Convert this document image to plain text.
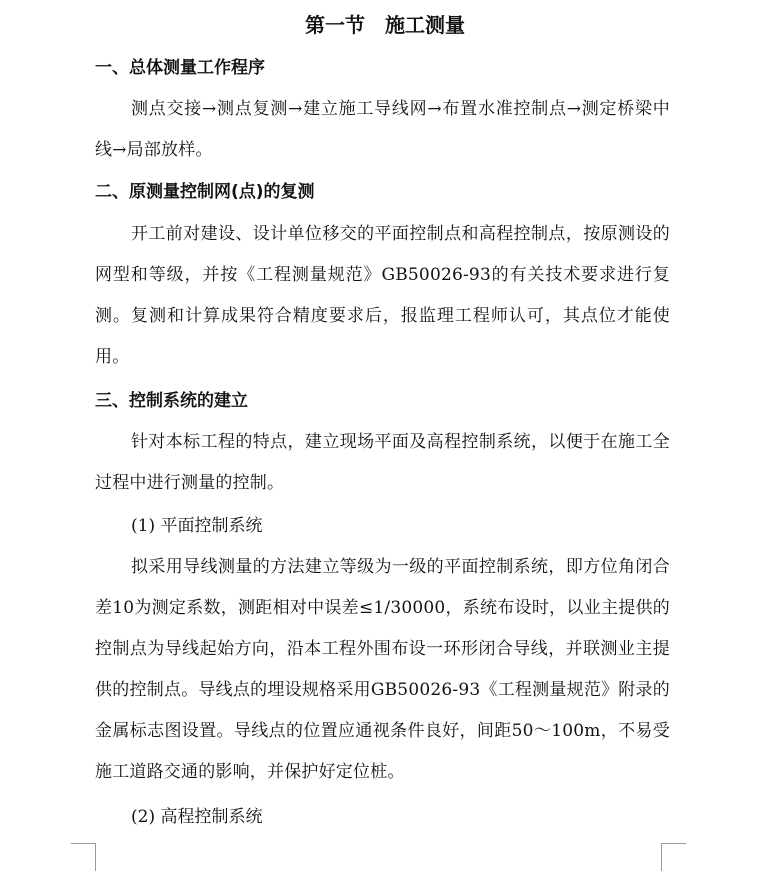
第一节　施工测量
一、总体测量工作程序

测点交接→测点复测→建立施工导线网→布置水准控制点→测定桥梁中线→局部放样。

二、原测量控制网(点)的复测

开工前对建设、设计单位移交的平面控制点和高程控制点，按原测设的网型和等级，并按《工程测量规范》GB50026-93的有关技术要求进行复测。复测和计算成果符合精度要求后，报监理工程师认可，其点位才能使用。

三、控制系统的建立

针对本标工程的特点，建立现场平面及高程控制系统，以便于在施工全过程中进行测量的控制。

(1) 平面控制系统

拟采用导线测量的方法建立等级为一级的平面控制系统，即方位角闭合差10为测定系数，测距相对中误差≤1/30000，系统布设时，以业主提供的控制点为导线起始方向，沿本工程外围布设一环形闭合导线，并联测业主提供的控制点。导线点的埋设规格采用GB50026-93《工程测量规范》附录的金属标志图设置。导线点的位置应通视条件良好，间距50～100m，不易受施工道路交通的影响，并保护好定位桩。

(2) 高程控制系统
